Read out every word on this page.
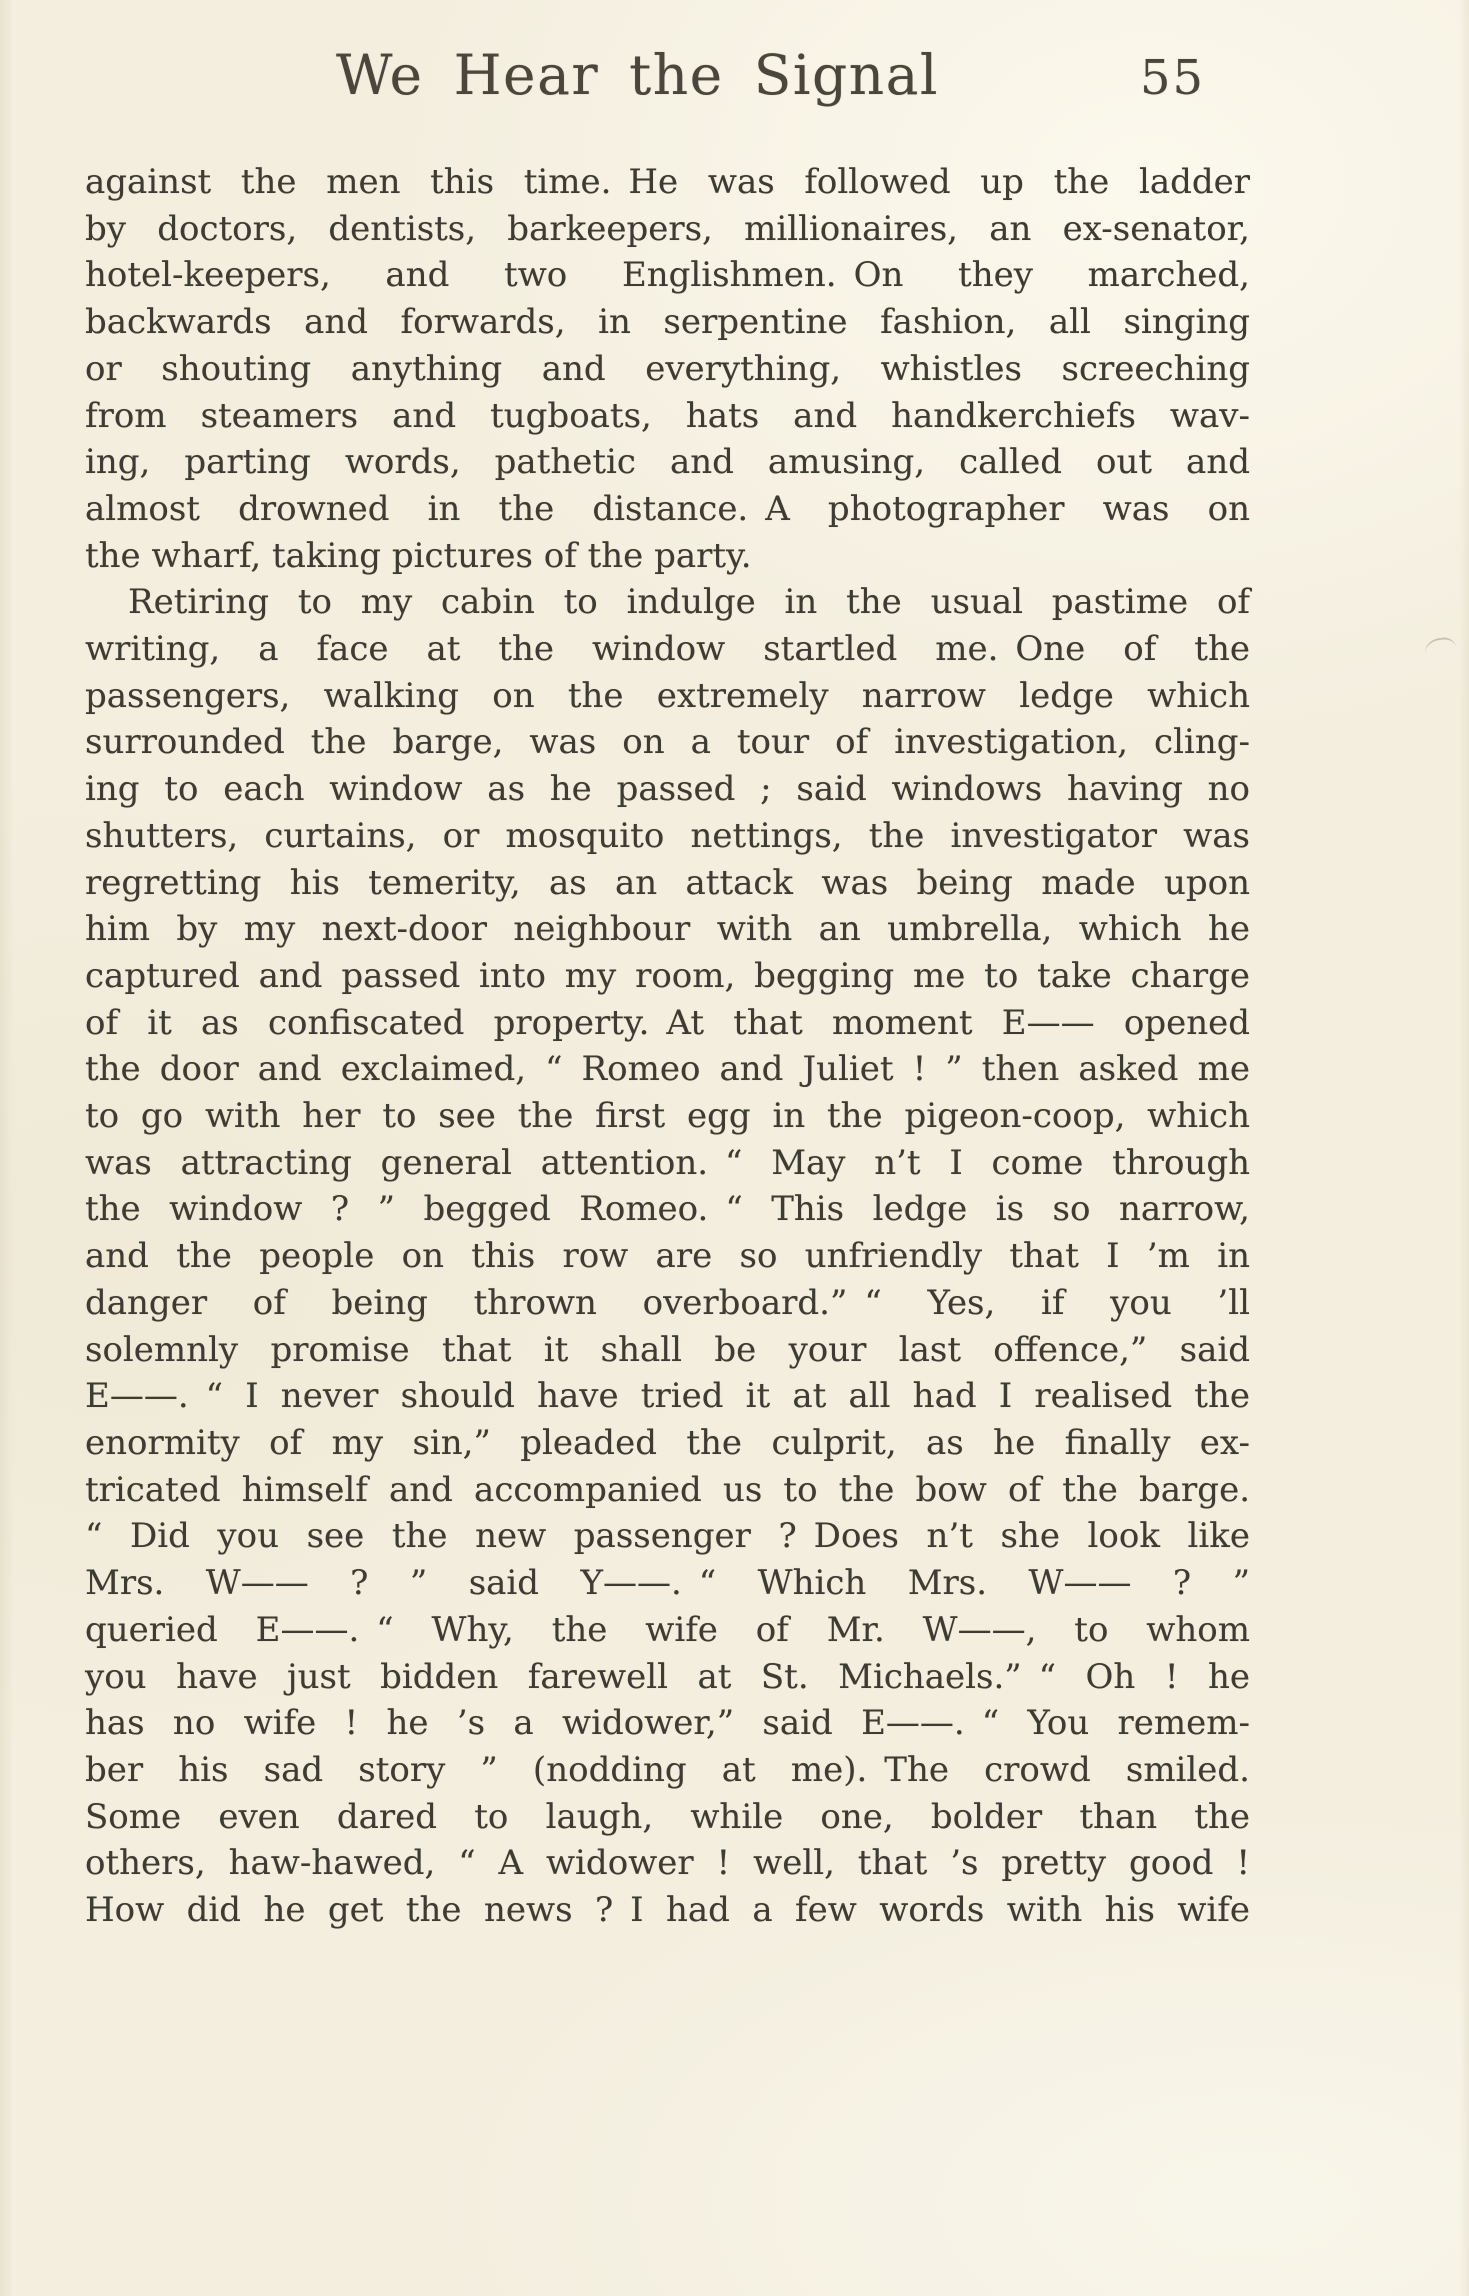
We Hear the Signal	55
against the men this time. He was followed up the ladder
by doctors, dentists, barkeepers, millionaires, an ex-senator,
hotel-keepers, and two Englishmen. On they marched,
backwards and forwards, in serpentine fashion, all singing
or shouting anything and everything, whistles screeching
from steamers and tugboats, hats and handkerchiefs wav-
ing, parting words, pathetic and amusing, called out and
almost drowned in the distance. A photographer was on
the wharf, taking pictures of the party.
Retiring to my cabin to indulge in the usual pastime of
writing, a face at the window startled me. One of the
passengers, walking on the extremely narrow ledge which
surrounded the barge, was on a tour of investigation, cling-
ing to each window as he passed ; said windows having no
shutters, curtains, or mosquito nettings, the investigator was
regretting his temerity, as an attack was being made upon
him by my next-door neighbour with an umbrella, which he
captured and passed into my room, begging me to take charge
of it as confiscated property. At that moment E—— opened
the door and exclaimed, “ Romeo and Juliet ! ” then asked me
to go with her to see the first egg in the pigeon-coop, which
was attracting general attention. “ May n’t I come through
the window ? ” begged Romeo. “ This ledge is so narrow,
and the people on this row are so unfriendly that I ’m in
danger of being thrown overboard.” “ Yes, if you ’ll
solemnly promise that it shall be your last offence,” said
E——. “ I never should have tried it at all had I realised the
enormity of my sin,” pleaded the culprit, as he finally ex-
tricated himself and accompanied us to the bow of the barge.
“ Did you see the new passenger ? Does n’t she look like
Mrs. W—— ? ” said Y——. “ Which Mrs. W—— ? ”
queried E——. “ Why, the wife of Mr. W——, to whom
you have just bidden farewell at St. Michaels.” “ Oh ! he
has no wife ! he ’s a widower,” said E——. “ You remem-
ber his sad story ” (nodding at me). The crowd smiled.
Some even dared to laugh, while one, bolder than the
others, haw-hawed, “ A widower ! well, that ’s pretty good !
How did he get the news ? I had a few words with his wife
